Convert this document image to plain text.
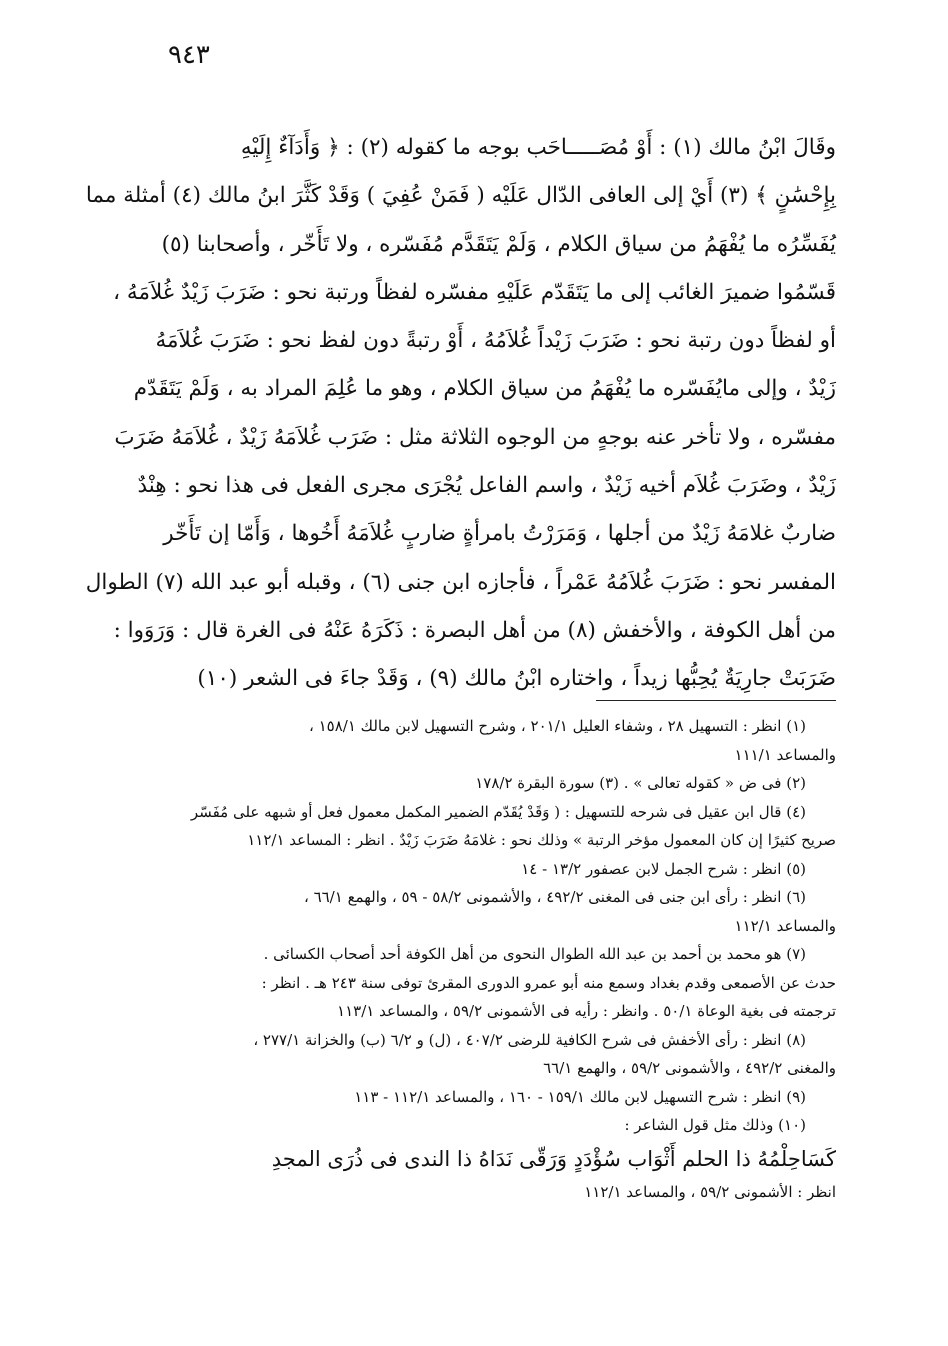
٩٤٣
وقَالَ ابْنُ مالك (١) : أَوْ مُصَـــــاحَب بوجه ما كقوله (٢) : ﴿ وَأَدَآءٌ إِلَيْهِ
بِإِحْسَٰنٍ ﴾ (٣) أَيْ إلى العافى الدّال عَلَيْه ( فَمَنْ عُفِيَ ) وَقَدْ كَثَّرَ ابنُ مالك (٤) أمثلة مما
يُفَسِّرُه ما يُفْهَمُ من سياق الكلام ، وَلَمْ يَتَقَدَّم مُفَسّره ، ولا تَأَخّر ، وأصحابنا (٥)
قَسّمُوا ضميرَ الغائب إلى ما يَتَقَدّم عَلَيْهِ مفسّره لفظاً ورتبة نحو : ضَرَبَ زَيْدٌ غُلاَمَهُ ،
أو لفظاً دون رتبة نحو : ضَرَبَ زَيْداً غُلاَمُهُ ، أَوْ رتبةً دون لفظ نحو : ضَرَبَ غُلاَمَهُ
زَيْدٌ ، وإلى مايُفَسّره ما يُفْهَمُ من سياق الكلام ، وهو ما عُلِمَ المراد به ، وَلَمْ يَتَقَدّم
مفسّره ، ولا تأخر عنه بوجهٍ من الوجوه الثلاثة مثل : ضَرَب غُلاَمَهُ زَيْدٌ ، غُلاَمَهُ ضَرَبَ
زَيْدٌ ، وضَرَبَ غُلاَم أخيه زَيْدٌ ، واسم الفاعل يُجْرَى مجرى الفعل فى هذا نحو : هِنْدٌ
ضاربٌ غلامَهُ زَيْدٌ من أجلها ، وَمَرَرْتُ بامرأةٍ ضاربٍ غُلاَمَهُ أَخُوها ، وَأَمّا إن تَأَخّر
المفسر نحو : ضَرَبَ غُلاَمُهُ عَمْراً ، فأجازه ابن جنى (٦) ، وقبله أبو عبد الله (٧) الطوال
من أهل الكوفة ، والأخفش (٨) من أهل البصرة : ذَكَرَهُ عَنْهُ فى الغرة قال : وَرَوَوا :
ضَرَبَتْ جارِيَةٌ يُحِبُّها زيداً ، واختاره ابْنُ مالك (٩) ، وَقَدْ جاءَ فى الشعر (١٠)
(١) انظر : التسهيل ٢٨ ، وشفاء العليل ٢٠١/١ ، وشرح التسهيل لابن مالك ١٥٨/١ ،
والمساعد ١١١/١
(٢) فى ض « كقوله تعالى » . (٣) سورة البقرة ١٧٨/٢
(٤) قال ابن عقيل فى شرحه للتسهيل : ( وَقَدْ يُقَدّم الضمير المكمل معمول فعل أو شبهه على مُفَسّر
صريح كثيرًا إن كان المعمول مؤخر الرتبة » وذلك نحو : غلامَهُ ضَرَبَ زَيْدٌ . انظر : المساعد ١١٢/١
(٥) انظر : شرح الجمل لابن عصفور ١٣/٢ - ١٤
(٦) انظر : رأى ابن جنى فى المغنى ٤٩٢/٢ ، والأشمونى ٥٨/٢ - ٥٩ ، والهمع ٦٦/١ ،
والمساعد ١١٢/١
(٧) هو محمد بن أحمد بن عبد الله الطوال النحوى من أهل الكوفة أحد أصحاب الكسائى .
حدث عن الأصمعى وقدم بغداد وسمع منه أبو عمرو الدورى المقرئ توفى سنة ٢٤٣ هـ . انظر :
ترجمته فى بغية الوعاة ٥٠/١ . وانظر : رأيه فى الأشمونى ٥٩/٢ ، والمساعد ١١٣/١
(٨) انظر : رأى الأخفش فى شرح الكافية للرضى ٤٠٧/٢ ، (ل) و ٦/٢ (ب) والخزانة ٢٧٧/١ ،
والمغنى ٤٩٢/٢ ، والأشمونى ٥٩/٢ ، والهمع ٦٦/١
(٩) انظر : شرح التسهيل لابن مالك ١٥٩/١ - ١٦٠ ، والمساعد ١١٢/١ - ١١٣
(١٠) وذلك مثل قول الشاعر :
كَسَاحِلْمُهُ ذا الحلم أَثْوَاب سُؤْدَدٍ وَرَقّى نَدَاهُ ذا الندى فى ذُرَى المجدِ
انظر : الأشمونى ٥٩/٢ ، والمساعد ١١٢/١
